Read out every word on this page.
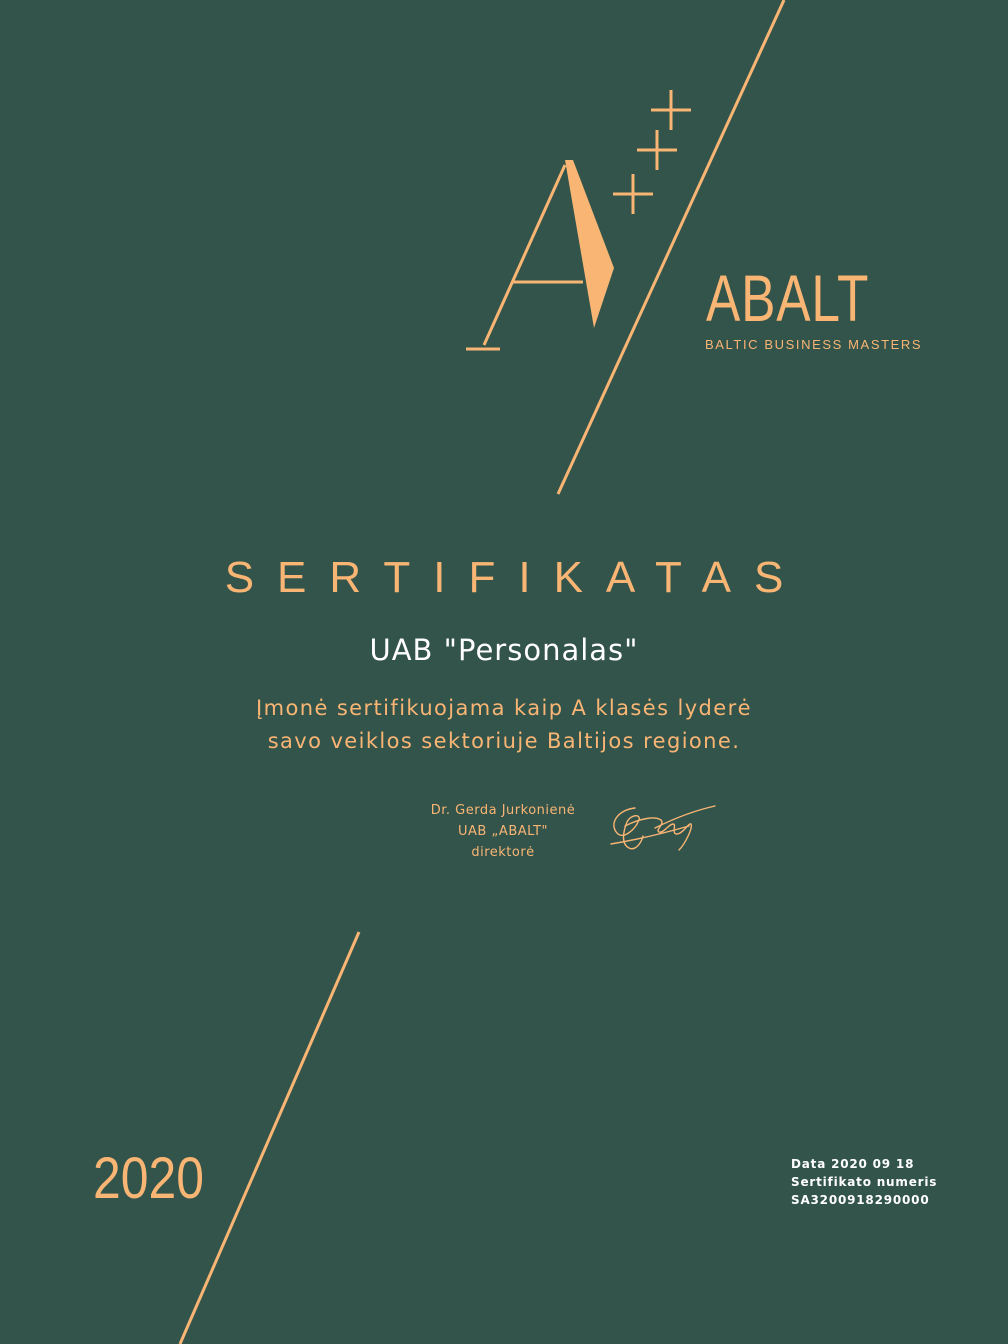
ABALT
BALTIC BUSINESS MASTERS
SERTIFIKATAS
UAB "Personalas"
Įmonė sertifikuojama kaip A klasės lyderė
savo veiklos sektoriuje Baltijos regione.
Dr. Gerda Jurkonienė
UAB „ABALT"
direktorė
2020	Data 2020 09 18
Sertifikato numeris
SA3200918290000
